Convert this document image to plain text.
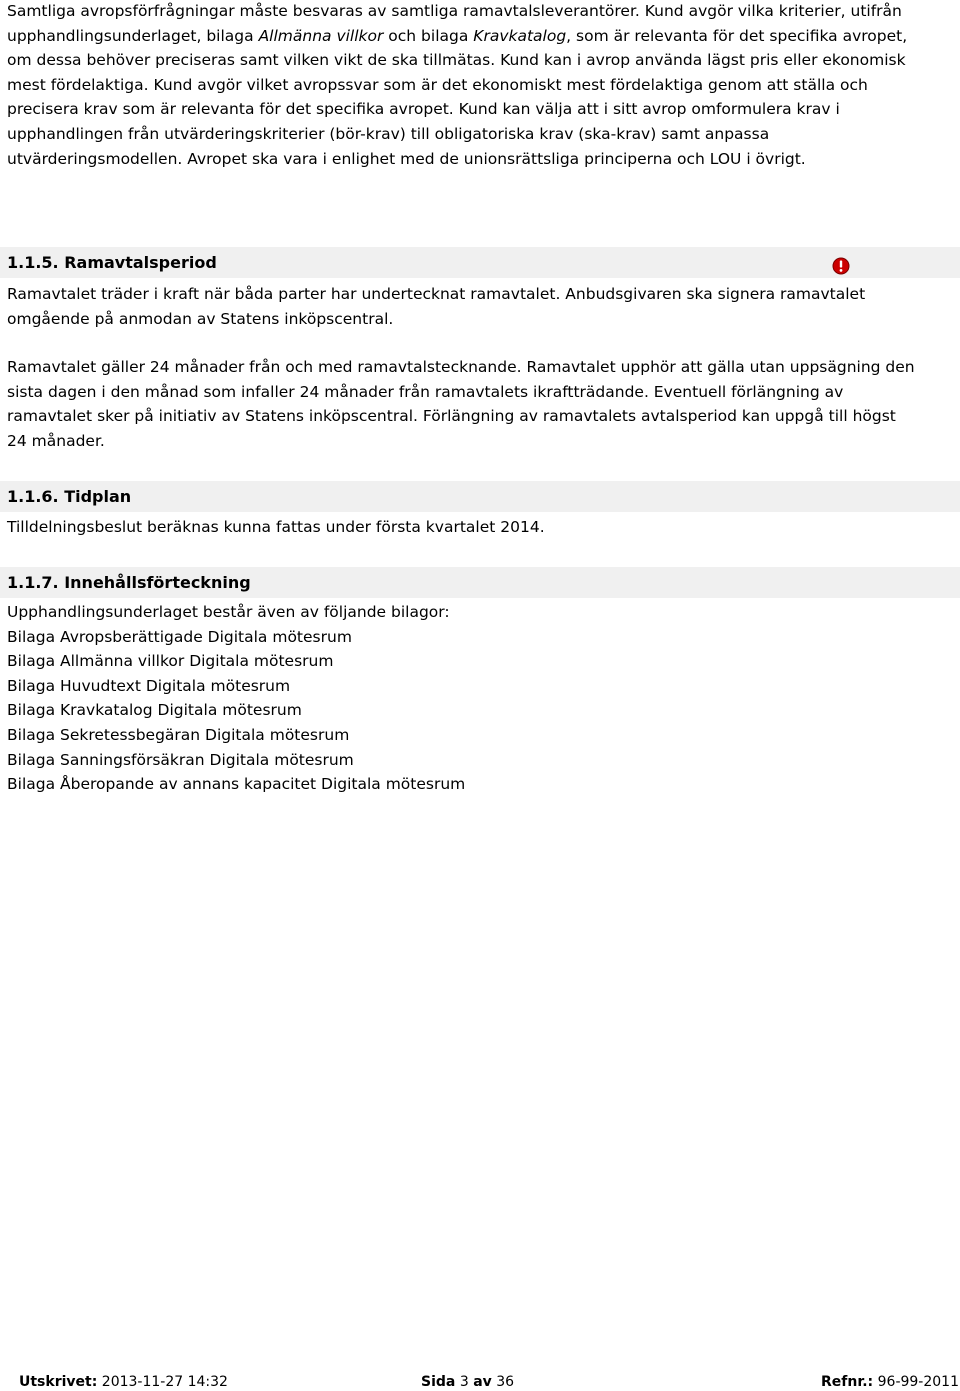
Samtliga avropsförfrågningar måste besvaras av samtliga ramavtalsleverantörer. Kund avgör vilka kriterier, utifrån upphandlingsunderlaget, bilaga Allmänna villkor och bilaga Kravkatalog, som är relevanta för det specifika avropet, om dessa behöver preciseras samt vilken vikt de ska tillmätas. Kund kan i avrop använda lägst pris eller ekonomisk mest fördelaktiga. Kund avgör vilket avropssvar som är det ekonomiskt mest fördelaktiga genom att ställa och precisera krav som är relevanta för det specifika avropet. Kund kan välja att i sitt avrop omformulera krav i upphandlingen från utvärderingskriterier (bör-krav) till obligatoriska krav (ska-krav) samt anpassa utvärderingsmodellen. Avropet ska vara i enlighet med de unionsrättsliga principerna och LOU i övrigt.

1.1.5. Ramavtalsperiod

Ramavtalet träder i kraft när båda parter har undertecknat ramavtalet. Anbudsgivaren ska signera ramavtalet omgående på anmodan av Statens inköpscentral.

Ramavtalet gäller 24 månader från och med ramavtalstecknande. Ramavtalet upphör att gälla utan uppsägning den sista dagen i den månad som infaller 24 månader från ramavtalets ikraftträdande. Eventuell förlängning av ramavtalet sker på initiativ av Statens inköpscentral. Förlängning av ramavtalets avtalsperiod kan uppgå till högst 24 månader.

1.1.6. Tidplan

Tilldelningsbeslut beräknas kunna fattas under första kvartalet 2014.

1.1.7. Innehållsförteckning
Upphandlingsunderlaget består även av följande bilagor:
Bilaga Avropsberättigade Digitala mötesrum
Bilaga Allmänna villkor Digitala mötesrum
Bilaga Huvudtext Digitala mötesrum
Bilaga Kravkatalog Digitala mötesrum
Bilaga Sekretessbegäran Digitala mötesrum
Bilaga Sanningsförsäkran Digitala mötesrum
Bilaga Åberopande av annans kapacitet Digitala mötesrum
Utskrivet: 2013-11-27 14:32	Sida 3 av 36	Refnr.: 96-99-2011
